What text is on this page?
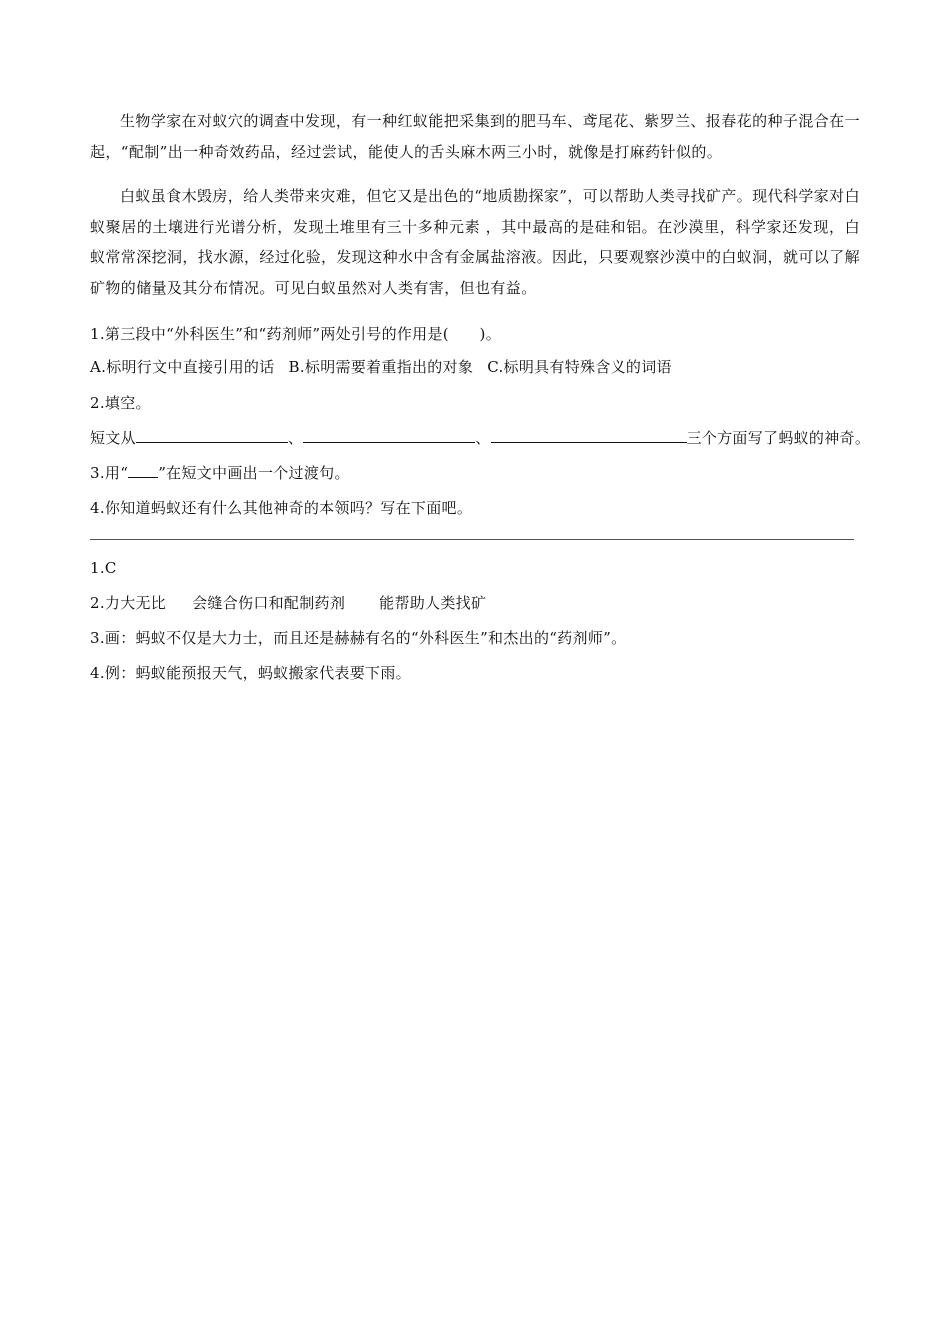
生物学家在对蚁穴的调查中发现，有一种红蚁能把采集到的肥马车、鸢尾花、紫罗兰、报春花的种子混合在一起，“配制”出一种奇效药品，经过尝试，能使人的舌头麻木两三小时，就像是打麻药针似的。
白蚁虽食木毁房，给人类带来灾难，但它又是出色的“地质勘探家”，可以帮助人类寻找矿产。现代科学家对白蚁聚居的土壤进行光谱分析，发现土堆里有三十多种元素 ，其中最高的是硅和铝。在沙漠里，科学家还发现，白蚁常常深挖洞，找水源，经过化验，发现这种水中含有金属盐溶液。因此，只要观察沙漠中的白蚁洞，就可以了解矿物的储量及其分布情况。可见白蚁虽然对人类有害，但也有益。
1.第三段中“外科医生”和“药剂师”两处引号的作用是(　　)。
A.标明行文中直接引用的话 B.标明需要着重指出的对象 C.标明具有特殊含义的词语
2.填空。
短文从	、	、	三个方面写了蚂蚁的神奇。
3.用“ ”在短文中画出一个过渡句。
4.你知道蚂蚁还有什么其他神奇的本领吗？写在下面吧。
1.C
2.力大无比 会缝合伤口和配制药剂 能帮助人类找矿
3.画：蚂蚁不仅是大力士，而且还是赫赫有名的“外科医生”和杰出的“药剂师”。
4.例：蚂蚁能预报天气，蚂蚁搬家代表要下雨。
